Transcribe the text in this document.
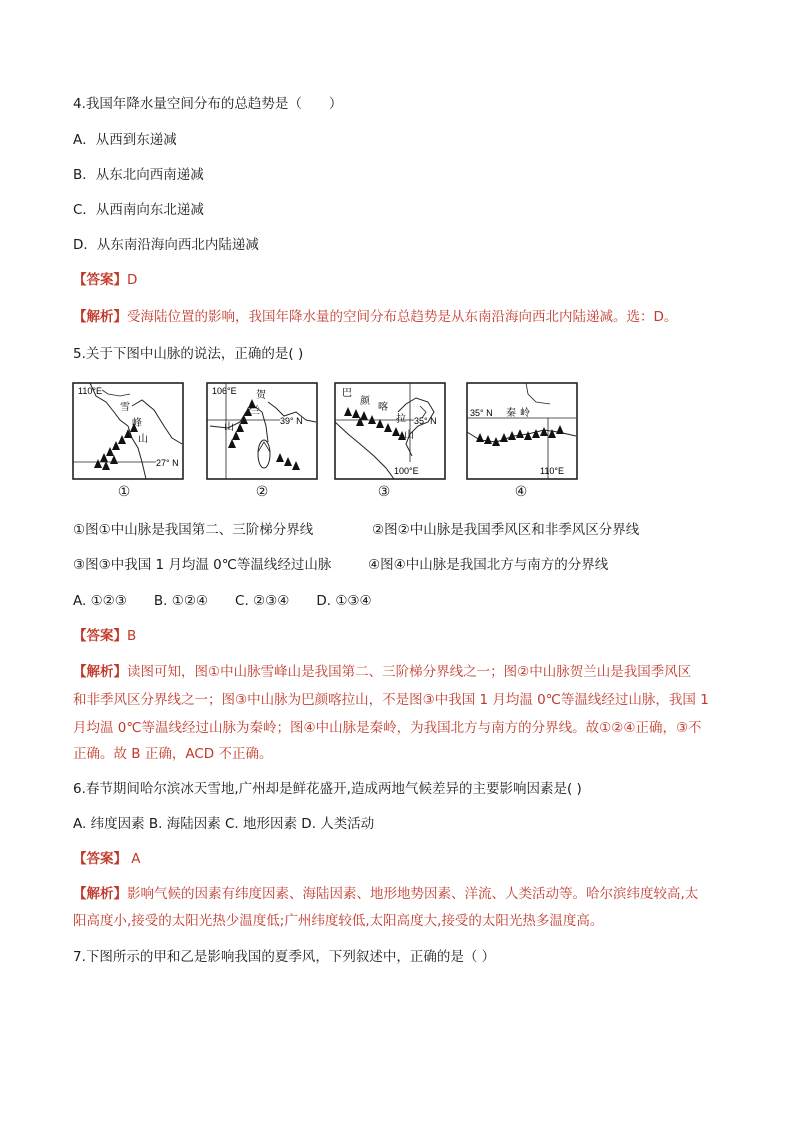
4.我国年降水量空间分布的总趋势是（　　）
A．从西到东递减
B．从东北向西南递减
C．从西南向东北递减
D．从东南沿海向西北内陆递减
【答案】D
【解析】受海陆位置的影响，我国年降水量的空间分布总趋势是从东南沿海向西北内陆递减。选：D。
5.关于下图中山脉的说法，正确的是( )
110°E
雪
峰
山
27° N
①
106°E 贺
兰
山
39° N
②
巴
颜
喀
拉
山
35° N
100°E
③
35° N 秦 岭
110°E
④
①图①中山脉是我国第二、三阶梯分界线	②图②中山脉是我国季风区和非季风区分界线
③图③中我国 1 月均温 0℃等温线经过山脉	④图④中山脉是我国北方与南方的分界线
A. ①②③　　B. ①②④　　C. ②③④　　D. ①③④
【答案】B
【解析】读图可知，图①中山脉雪峰山是我国第二、三阶梯分界线之一；图②中山脉贺兰山是我国季风区
和非季风区分界线之一；图③中山脉为巴颜喀拉山，不是图③中我国 1 月均温 0℃等温线经过山脉，我国 1
月均温 0℃等温线经过山脉为秦岭；图④中山脉是秦岭，为我国北方与南方的分界线。故①②④正确，③不
正确。故 B 正确，ACD 不正确。
6.春节期间哈尔滨冰天雪地,广州却是鲜花盛开,造成两地气候差异的主要影响因素是( )
A. 纬度因素 B. 海陆因素 C. 地形因素 D. 人类活动
【答案】 A
【解析】影响气候的因素有纬度因素、海陆因素、地形地势因素、洋流、人类活动等。哈尔滨纬度较高,太
阳高度小,接受的太阳光热少温度低;广州纬度较低,太阳高度大,接受的太阳光热多温度高。
7.下图所示的甲和乙是影响我国的夏季风，下列叙述中，正确的是（ ）
